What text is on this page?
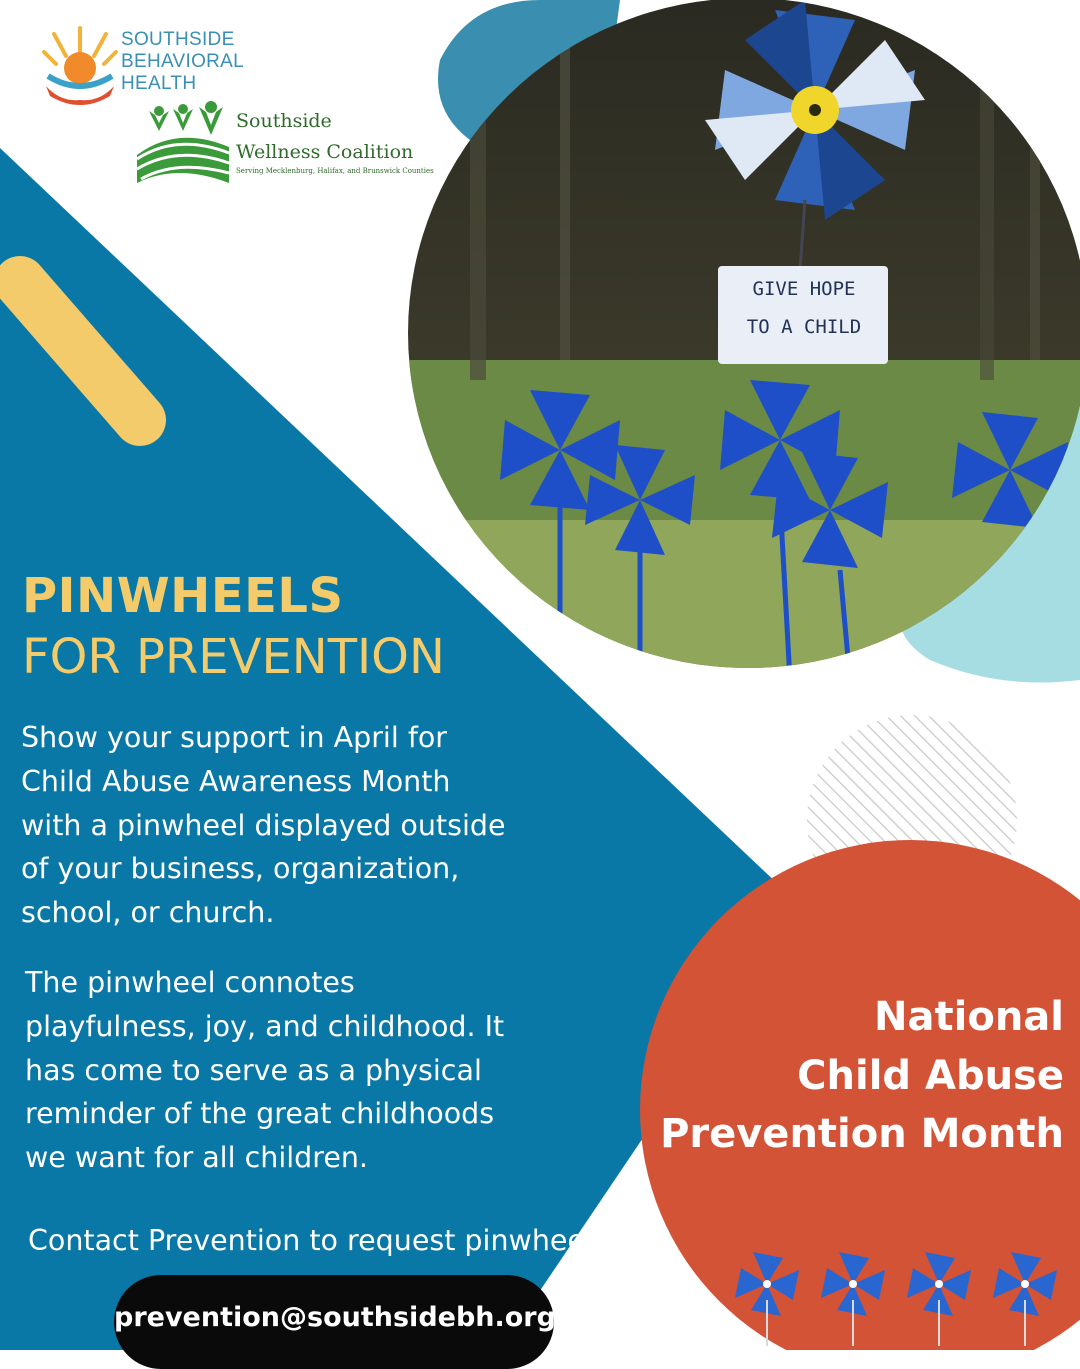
SOUTHSIDE
BEHAVIORAL
HEALTH
Southside
Wellness Coalition
Serving Mecklenburg, Halifax, and Brunswick Counties
GIVE HOPE
TO A CHILD
PINWHEELS
FOR PREVENTION
Show your support in April for
Child Abuse Awareness Month
with a pinwheel displayed outside
of your business, organization,
school, or church.
The pinwheel connotes
playfulness, joy, and childhood. It
has come to serve as a physical
reminder of the great childhoods
we want for all children.
Contact Prevention to request pinwheels
prevention@southsidebh.org
National
Child Abuse
Prevention Month
